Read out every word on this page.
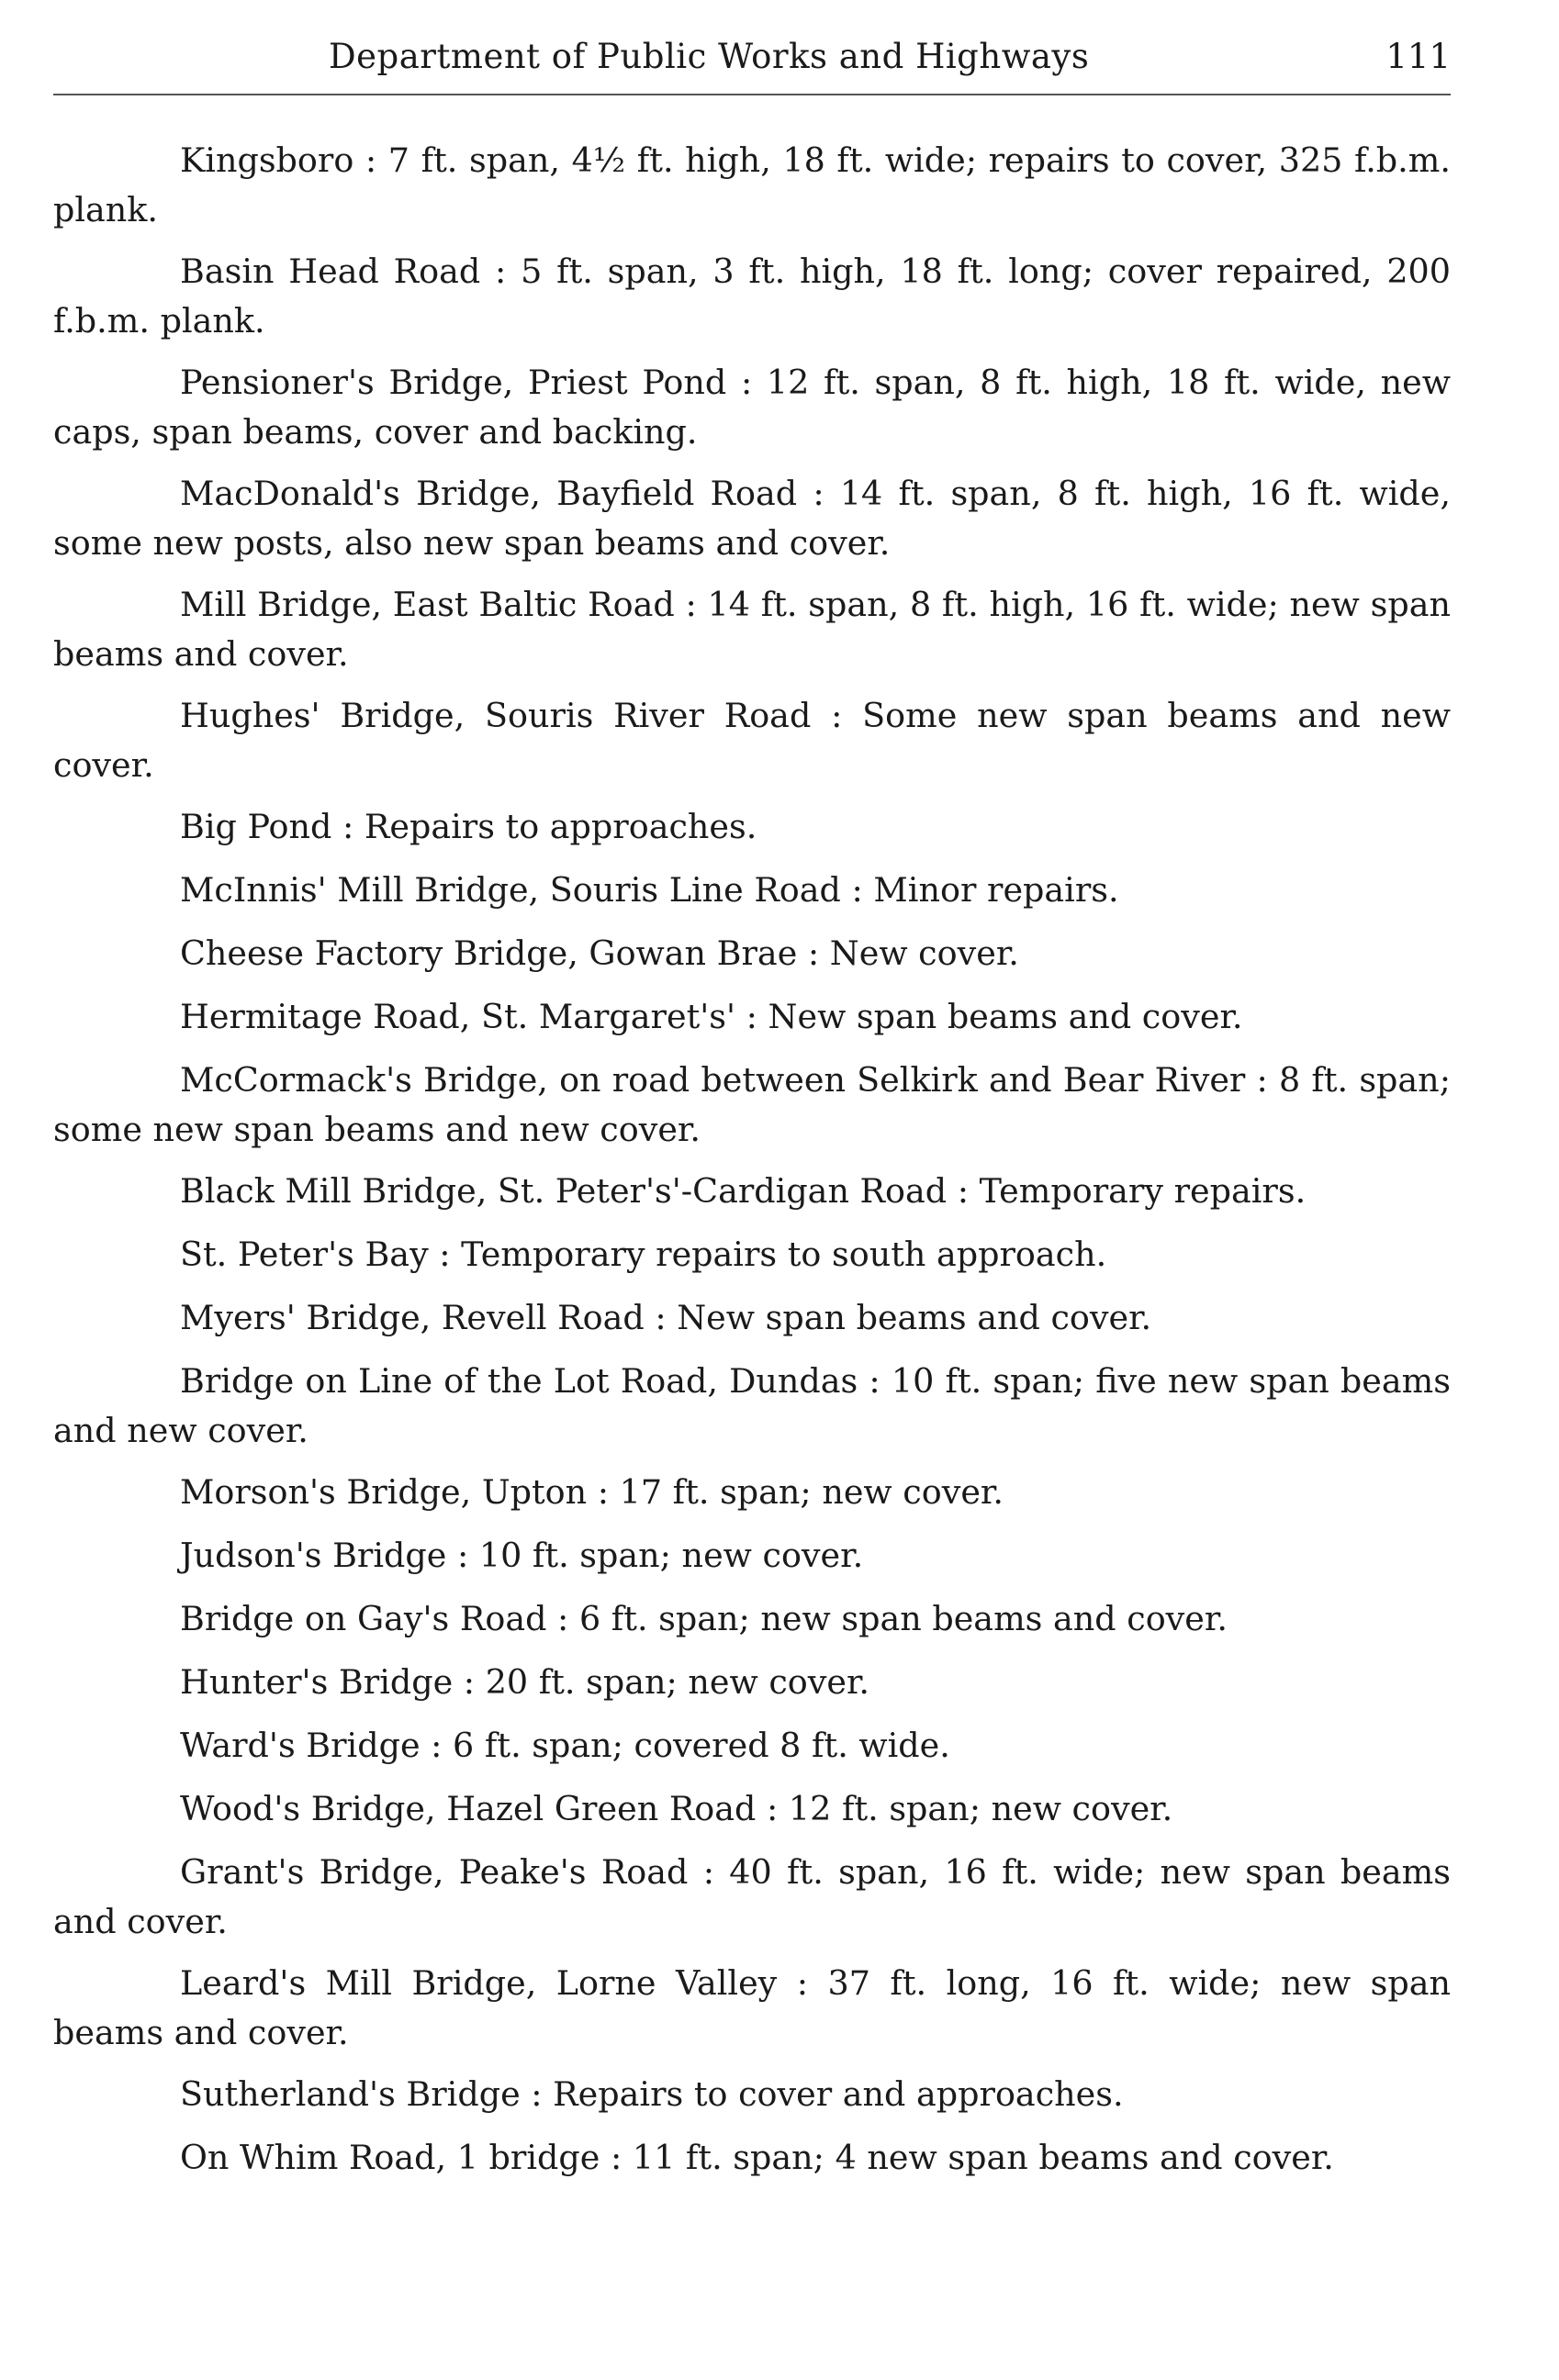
Department of Public Works and Highways	111

Kingsboro : 7 ft. span, 4½ ft. high, 18 ft. wide; repairs to cover, 325 f.b.m. plank.

Basin Head Road : 5 ft. span, 3 ft. high, 18 ft. long; cover repaired, 200 f.b.m. plank.

Pensioner's Bridge, Priest Pond : 12 ft. span, 8 ft. high, 18 ft. wide, new caps, span beams, cover and backing.

MacDonald's Bridge, Bayfield Road : 14 ft. span, 8 ft. high, 16 ft. wide, some new posts, also new span beams and cover.

Mill Bridge, East Baltic Road : 14 ft. span, 8 ft. high, 16 ft. wide; new span beams and cover.

Hughes' Bridge, Souris River Road : Some new span beams and new cover.

Big Pond : Repairs to approaches.

McInnis' Mill Bridge, Souris Line Road : Minor repairs.

Cheese Factory Bridge, Gowan Brae : New cover.

Hermitage Road, St. Margaret's' : New span beams and cover.

McCormack's Bridge, on road between Selkirk and Bear River : 8 ft. span; some new span beams and new cover.

Black Mill Bridge, St. Peter's'-Cardigan Road : Temporary repairs.

St. Peter's Bay : Temporary repairs to south approach.

Myers' Bridge, Revell Road : New span beams and cover.

Bridge on Line of the Lot Road, Dundas : 10 ft. span; five new span beams and new cover.

Morson's Bridge, Upton : 17 ft. span; new cover.

Judson's Bridge : 10 ft. span; new cover.

Bridge on Gay's Road : 6 ft. span; new span beams and cover.

Hunter's Bridge : 20 ft. span; new cover.

Ward's Bridge : 6 ft. span; covered 8 ft. wide.

Wood's Bridge, Hazel Green Road : 12 ft. span; new cover.

Grant's Bridge, Peake's Road : 40 ft. span, 16 ft. wide; new span beams and cover.

Leard's Mill Bridge, Lorne Valley : 37 ft. long, 16 ft. wide; new span beams and cover.

Sutherland's Bridge : Repairs to cover and approaches.

On Whim Road, 1 bridge : 11 ft. span; 4 new span beams and cover.
